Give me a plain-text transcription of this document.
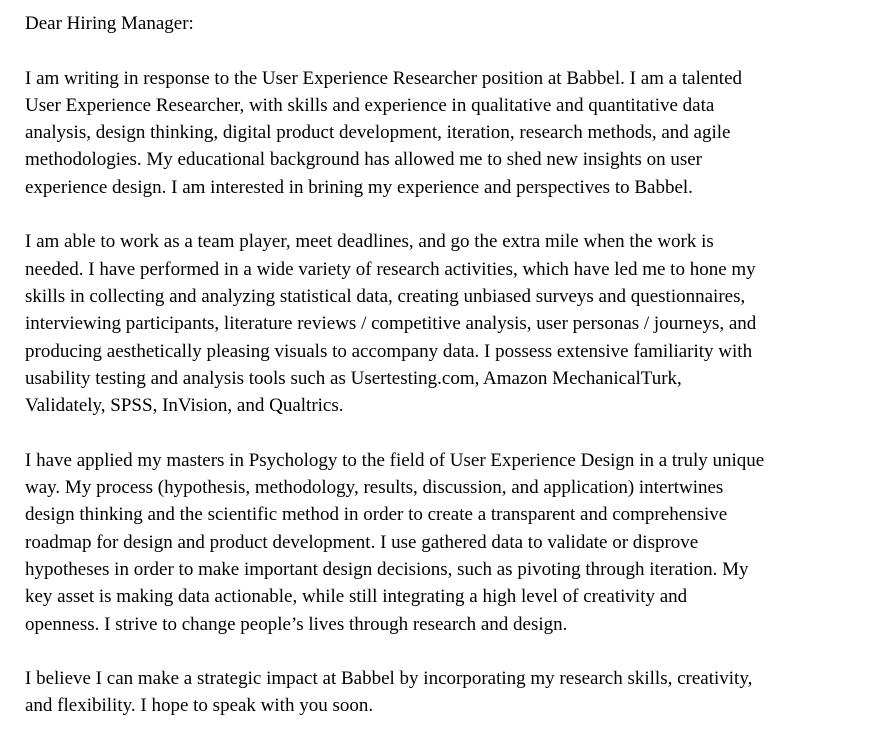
Dear Hiring Manager:
I am writing in response to the User Experience Researcher position at Babbel. I am a talented
User Experience Researcher, with skills and experience in qualitative and quantitative data
analysis, design thinking, digital product development, iteration, research methods, and agile
methodologies. My educational background has allowed me to shed new insights on user
experience design. I am interested in brining my experience and perspectives to Babbel.
I am able to work as a team player, meet deadlines, and go the extra mile when the work is
needed. I have performed in a wide variety of research activities, which have led me to hone my
skills in collecting and analyzing statistical data, creating unbiased surveys and questionnaires,
interviewing participants, literature reviews / competitive analysis, user personas / journeys, and
producing aesthetically pleasing visuals to accompany data. I possess extensive familiarity with
usability testing and analysis tools such as Usertesting.com, Amazon MechanicalTurk,
Validately, SPSS, InVision, and Qualtrics.
I have applied my masters in Psychology to the field of User Experience Design in a truly unique
way. My process (hypothesis, methodology, results, discussion, and application) intertwines
design thinking and the scientific method in order to create a transparent and comprehensive
roadmap for design and product development. I use gathered data to validate or disprove
hypotheses in order to make important design decisions, such as pivoting through iteration. My
key asset is making data actionable, while still integrating a high level of creativity and
openness. I strive to change people’s lives through research and design.
I believe I can make a strategic impact at Babbel by incorporating my research skills, creativity,
and flexibility. I hope to speak with you soon.
